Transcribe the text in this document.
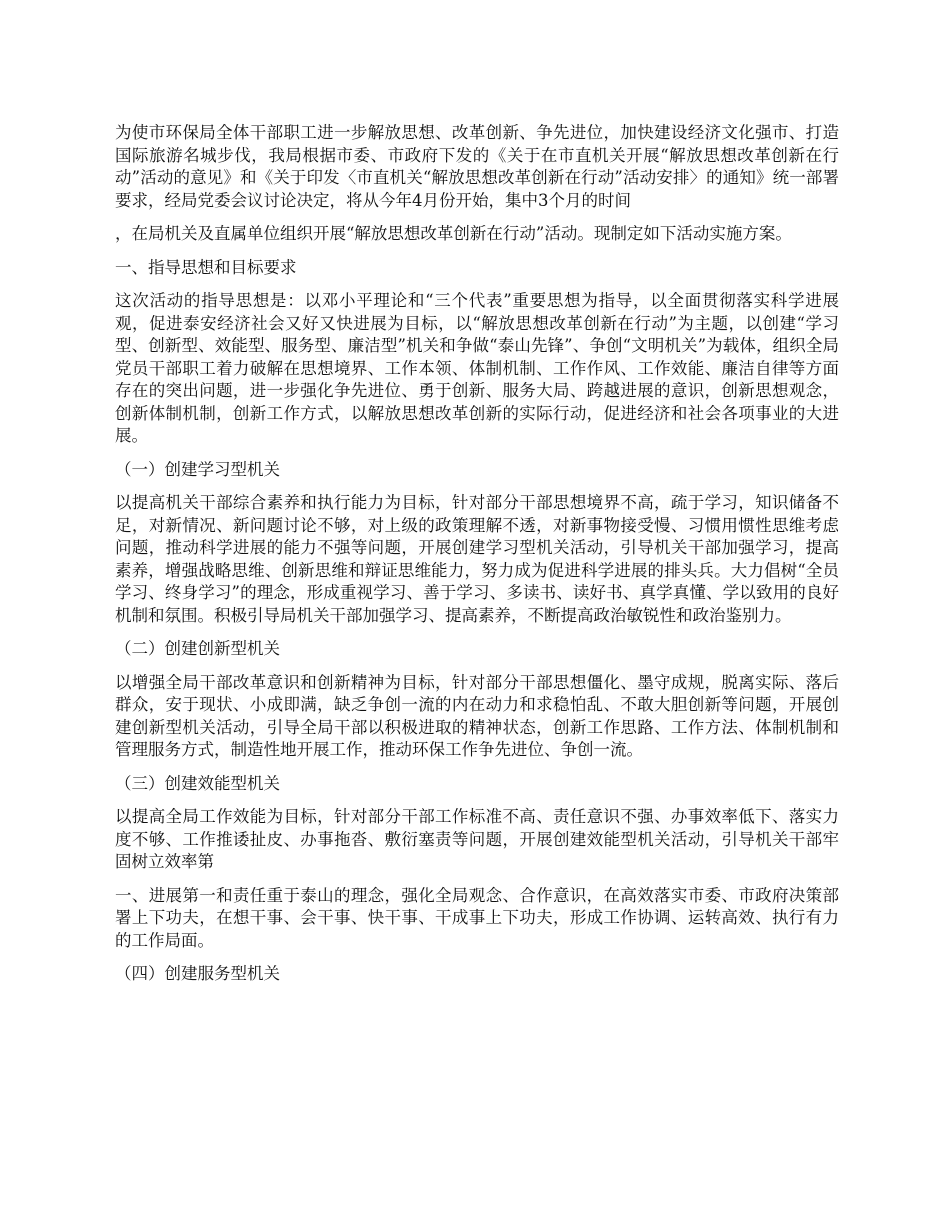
为使市环保局全体干部职工进一步解放思想、改革创新、争先进位，加快建设经济文化强市、打造国际旅游名城步伐，我局根据市委、市政府下发的《关于在市直机关开展“解放思想改革创新在行动”活动的意见》和《关于印发〈市直机关“解放思想改革创新在行动”活动安排〉的通知》统一部署要求，经局党委会议讨论决定，将从今年4月份开始，集中3个月的时间

，在局机关及直属单位组织开展“解放思想改革创新在行动”活动。现制定如下活动实施方案。

一、指导思想和目标要求

这次活动的指导思想是：以邓小平理论和“三个代表”重要思想为指导，以全面贯彻落实科学进展观，促进泰安经济社会又好又快进展为目标，以“解放思想改革创新在行动”为主题，以创建“学习型、创新型、效能型、服务型、廉洁型”机关和争做“泰山先锋”、争创“文明机关”为载体，组织全局党员干部职工着力破解在思想境界、工作本领、体制机制、工作作风、工作效能、廉洁自律等方面存在的突出问题，进一步强化争先进位、勇于创新、服务大局、跨越进展的意识，创新思想观念，创新体制机制，创新工作方式，以解放思想改革创新的实际行动，促进经济和社会各项事业的大进展。

（一）创建学习型机关

以提高机关干部综合素养和执行能力为目标，针对部分干部思想境界不高，疏于学习，知识储备不足，对新情况、新问题讨论不够，对上级的政策理解不透，对新事物接受慢、习惯用惯性思维考虑问题，推动科学进展的能力不强等问题，开展创建学习型机关活动，引导机关干部加强学习，提高素养，增强战略思维、创新思维和辩证思维能力，努力成为促进科学进展的排头兵。大力倡树“全员学习、终身学习”的理念，形成重视学习、善于学习、多读书、读好书、真学真懂、学以致用的良好机制和氛围。积极引导局机关干部加强学习、提高素养，不断提高政治敏锐性和政治鉴别力。

（二）创建创新型机关

以增强全局干部改革意识和创新精神为目标，针对部分干部思想僵化、墨守成规，脱离实际、落后群众，安于现状、小成即满，缺乏争创一流的内在动力和求稳怕乱、不敢大胆创新等问题，开展创建创新型机关活动，引导全局干部以积极进取的精神状态，创新工作思路、工作方法、体制机制和管理服务方式，制造性地开展工作，推动环保工作争先进位、争创一流。

（三）创建效能型机关

以提高全局工作效能为目标，针对部分干部工作标准不高、责任意识不强、办事效率低下、落实力度不够、工作推诿扯皮、办事拖沓、敷衍塞责等问题，开展创建效能型机关活动，引导机关干部牢固树立效率第

一、进展第一和责任重于泰山的理念，强化全局观念、合作意识，在高效落实市委、市政府决策部署上下功夫，在想干事、会干事、快干事、干成事上下功夫，形成工作协调、运转高效、执行有力的工作局面。

（四）创建服务型机关
